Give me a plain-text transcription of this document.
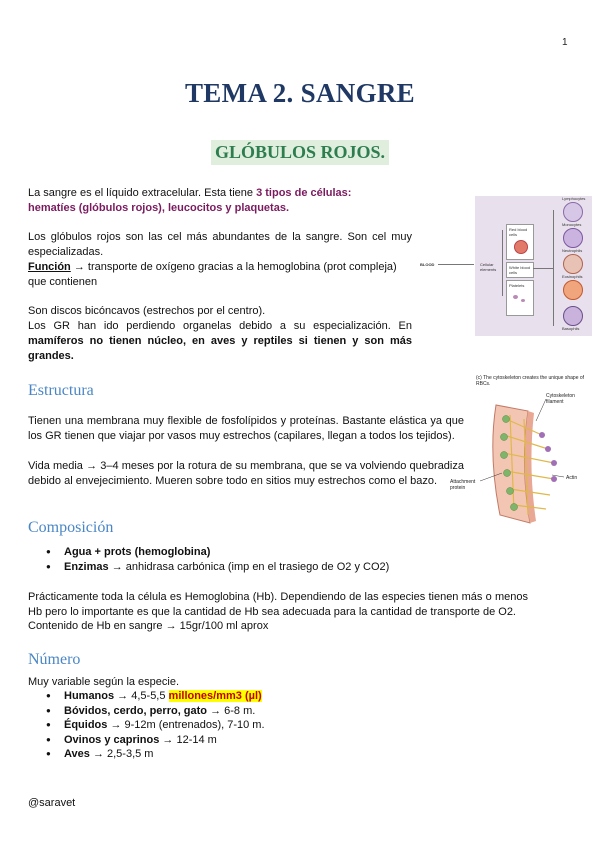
1
TEMA 2. SANGRE
GLÓBULOS ROJOS.
La sangre es el líquido extracelular. Esta tiene 3 tipos de células: hematíes (glóbulos rojos), leucocitos y plaquetas.
Los glóbulos rojos son las cel más abundantes de la sangre. Son cel muy especializadas.
Función → transporte de oxígeno gracias a la hemoglobina (prot compleja) que contienen
Son discos bicóncavos (estrechos por el centro).
Los GR han ido perdiendo organelas debido a su especialización. En mamíferos no tienen núcleo, en aves y reptiles si tienen y son más grandes.
BLOOD	Cellular elements
Red blood cells
White blood cells
Platelets
Lymphocytes
Monocytes
Neutrophils
Eosinophils
Basophils
Estructura
Tienen una membrana muy flexible de fosfolípidos y proteínas. Bastante elástica ya que los GR tienen que viajar por vasos muy estrechos (capilares, llegan a todos los tejidos).
Vida media → 3–4 meses por la rotura de su membrana, que se va volviendo quebradiza debido al envejecimiento. Mueren sobre todo en sitios muy estrechos como el bazo.
(c) The cytoskeleton creates the unique shape of RBCs.
Cytoskeleton filament
Actin
Attachment protein
Composición
● Agua + prots (hemoglobina)
● Enzimas → anhidrasa carbónica (imp en el trasiego de O2 y CO2)
Prácticamente toda la célula es Hemoglobina (Hb). Dependiendo de las especies tienen más o menos Hb pero lo importante es que la cantidad de Hb sea adecuada para la cantidad de transporte de O2.
Contenido de Hb en sangre → 15gr/100 ml aprox
Número
Muy variable según la especie.
● Humanos → 4,5-5,5 millones/mm3 (µl)
● Bóvidos, cerdo, perro, gato → 6-8 m.
● Équidos → 9-12m (entrenados), 7-10 m.
● Ovinos y caprinos → 12-14 m
● Aves → 2,5-3,5 m
@saravet
